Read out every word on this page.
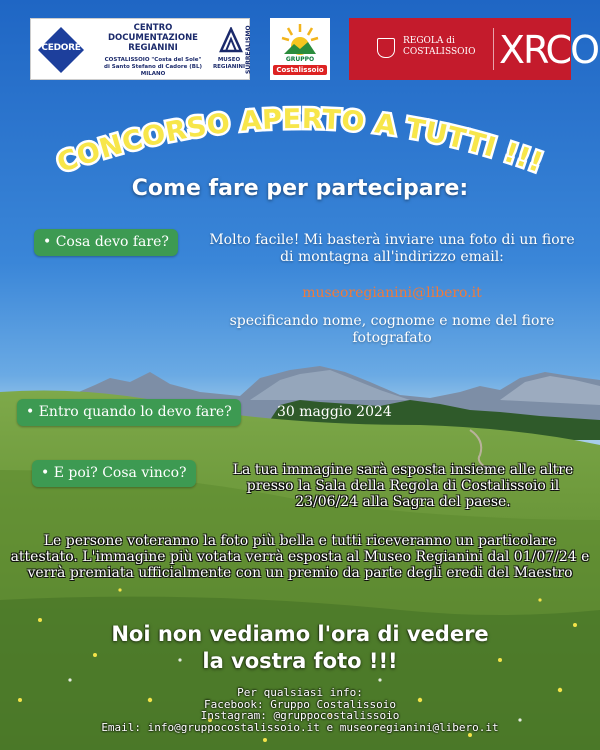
CEDORE
CENTRO DOCUMENTAZIONE REGIANINI
COSTALISSOIO "Costa del Sole"
di Santo Stefano di Cadore (BL)
MILANO
MUSEO REGIANINI SURREALISMO	GRUPPO
Costalissoio
REGOLA di
COSTALISSOIO XRCO
CONCORSO APERTO A TUTTI !!!
Come fare per partecipare:
• Cosa devo fare?
• Entro quando lo devo fare?
• E poi? Cosa vinco?
Molto facile! Mi basterà inviare una foto di un fiore di montagna all'indirizzo email:
museoregianini@libero.it
specificando nome, cognome e nome del fiore fotografato
30 maggio 2024
La tua immagine sarà esposta insieme alle altre presso la Sala della Regola di Costalissoio il 23/06/24 alla Sagra del paese.
Le persone voteranno la foto più bella e tutti riceveranno un particolare attestato. L'immagine più votata verrà esposta al Museo Regianini dal 01/07/24 e verrà premiata ufficialmente con un premio da parte degli eredi del Maestro
Noi non vediamo l'ora di vedere
la vostra foto !!!
Per qualsiasi info:
Facebook: Gruppo Costalissoio
Instagram: @gruppocostalissoio
Email: info@gruppocostalissoio.it e museoregianini@libero.it
